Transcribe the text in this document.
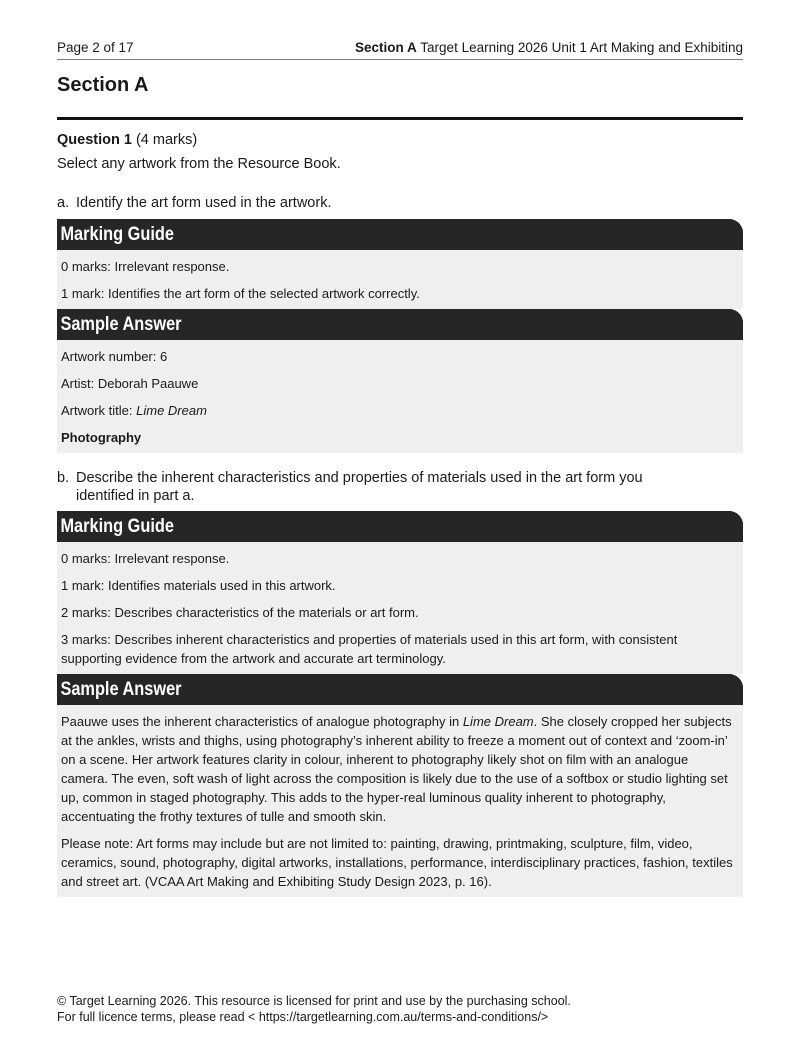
Page 2 of 17	Section A Target Learning 2026 Unit 1 Art Making and Exhibiting
Section A

Question 1 (4 marks)

Select any artwork from the Resource Book.

a. Identify the art form used in the artwork.

Marking Guide

0 marks: Irrelevant response.

1 mark: Identifies the art form of the selected artwork correctly.

Sample Answer

Artwork number: 6

Artist: Deborah Paauwe

Artwork title: Lime Dream

Photography

b. Describe the inherent characteristics and properties of materials used in the art form you identified in part a.

Marking Guide

0 marks: Irrelevant response.

1 mark: Identifies materials used in this artwork.

2 marks: Describes characteristics of the materials or art form.

3 marks: Describes inherent characteristics and properties of materials used in this art form, with consistent supporting evidence from the artwork and accurate art terminology.

Sample Answer

Paauwe uses the inherent characteristics of analogue photography in Lime Dream. She closely cropped her subjects at the ankles, wrists and thighs, using photography’s inherent ability to freeze a moment out of context and ‘zoom-in’ on a scene. Her artwork features clarity in colour, inherent to photography likely shot on film with an analogue camera. The even, soft wash of light across the composition is likely due to the use of a softbox or studio lighting set up, common in staged photography. This adds to the hyper-real luminous quality inherent to photography, accentuating the frothy textures of tulle and smooth skin.

Please note: Art forms may include but are not limited to: painting, drawing, printmaking, sculpture, film, video, ceramics, sound, photography, digital artworks, installations, performance, interdisciplinary practices, fashion, textiles and street art. (VCAA Art Making and Exhibiting Study Design 2023, p. 16).

© Target Learning 2026. This resource is licensed for print and use by the purchasing school.

For full licence terms, please read < https://targetlearning.com.au/terms-and-conditions/>
